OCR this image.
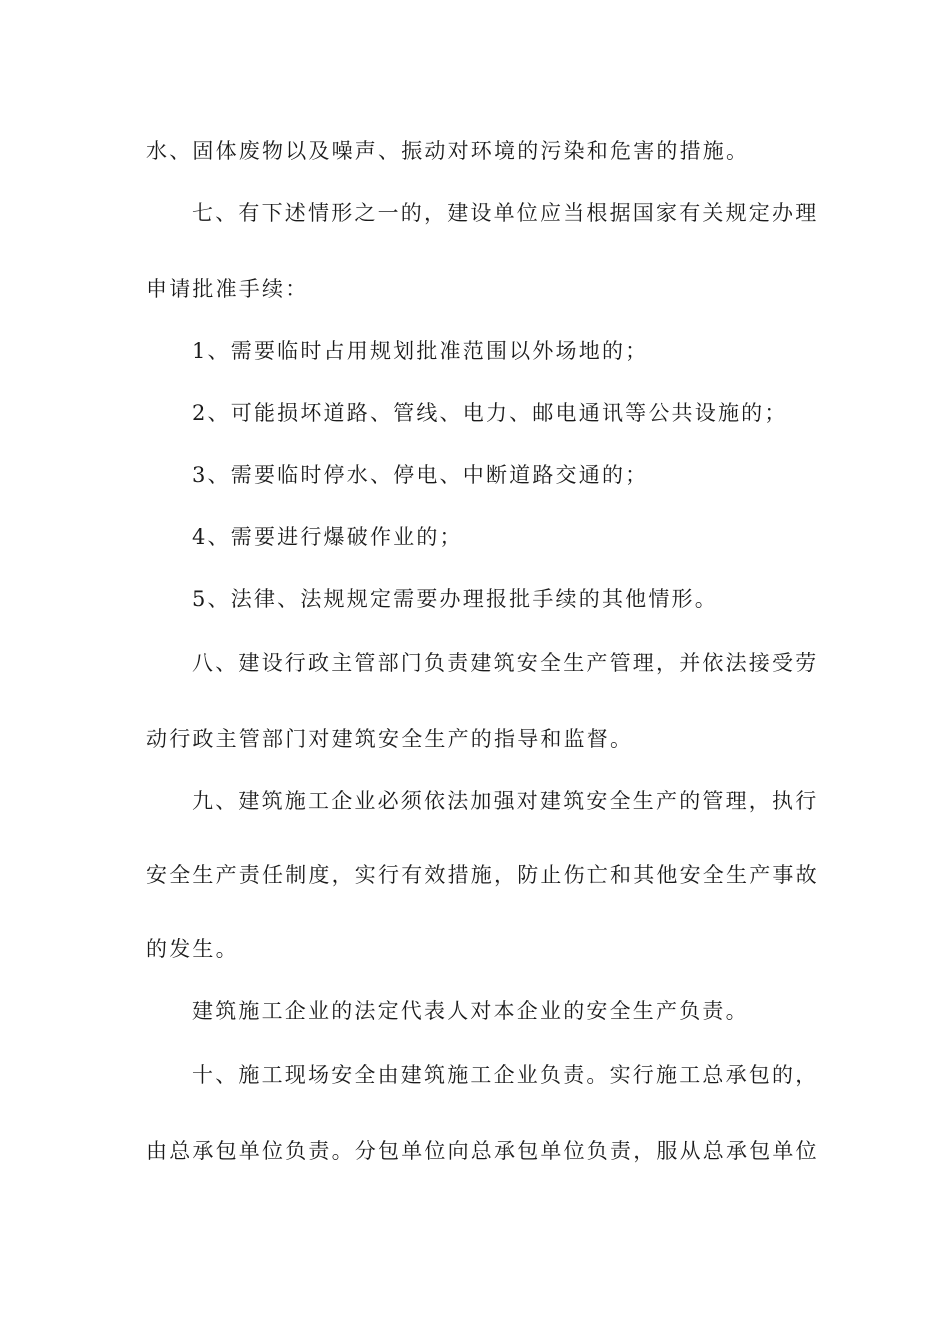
水、固体废物以及噪声、振动对环境的污染和危害的措施。
七、有下述情形之一的，建设单位应当根据国家有关规定办理
申请批准手续：
1、需要临时占用规划批准范围以外场地的；
2、可能损坏道路、管线、电力、邮电通讯等公共设施的；
3、需要临时停水、停电、中断道路交通的；
4、需要进行爆破作业的；
5、法律、法规规定需要办理报批手续的其他情形。
八、建设行政主管部门负责建筑安全生产管理，并依法接受劳
动行政主管部门对建筑安全生产的指导和监督。
九、建筑施工企业必须依法加强对建筑安全生产的管理，执行
安全生产责任制度，实行有效措施，防止伤亡和其他安全生产事故
的发生。
建筑施工企业的法定代表人对本企业的安全生产负责。
十、施工现场安全由建筑施工企业负责。实行施工总承包的，
由总承包单位负责。分包单位向总承包单位负责，服从总承包单位
